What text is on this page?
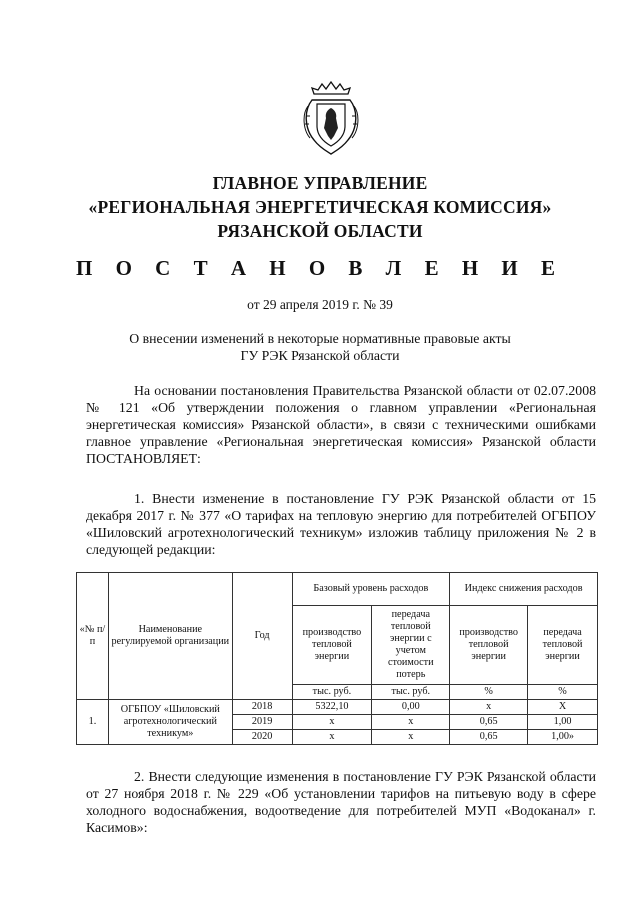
ГЛАВНОЕ УПРАВЛЕНИЕ
«РЕГИОНАЛЬНАЯ ЭНЕРГЕТИЧЕСКАЯ КОМИССИЯ»
РЯЗАНСКОЙ ОБЛАСТИ
П О С Т А Н О В Л Е Н И Е
от 29 апреля 2019 г. № 39
О внесении изменений в некоторые нормативные правовые акты
ГУ РЭК Рязанской области

На основании постановления Правительства Рязанской области от 02.07.2008 № 121 «Об утверждении положения о главном управлении «Региональная энергетическая комиссия» Рязанской области», в связи с техническими ошибками главное управление «Региональная энергетическая комиссия» Рязанской области ПОСТАНОВЛЯЕТ:

1. Внести изменение в постановление ГУ РЭК Рязанской области от 15 декабря 2017 г. № 377 «О тарифах на тепловую энергию для потребителей ОГБПОУ «Шиловский агротехнологический техникум» изложив таблицу приложения № 2 в следующей редакции:

«№ п/п	Наименование регулируемой организации	Год	Базовый уровень расходов		Индекс снижения расходов	
			производство тепловой энергии	передача тепловой энергии с учетом стоимости потерь	производство тепловой энергии	передача тепловой энергии
			тыс. руб.	тыс. руб.	%	%
1.	ОГБПОУ «Шиловский агротехнологический техникум»	2018	5322,10	0,00	х	X
		2019	х	х	0,65	1,00
		2020	х	х	0,65	1,00»

2. Внести следующие изменения в постановление ГУ РЭК Рязанской области от 27 ноября 2018 г. № 229 «Об установлении тарифов на питьевую воду в сфере холодного водоснабжения, водоотведение для потребителей МУП «Водоканал» г. Касимов»:
